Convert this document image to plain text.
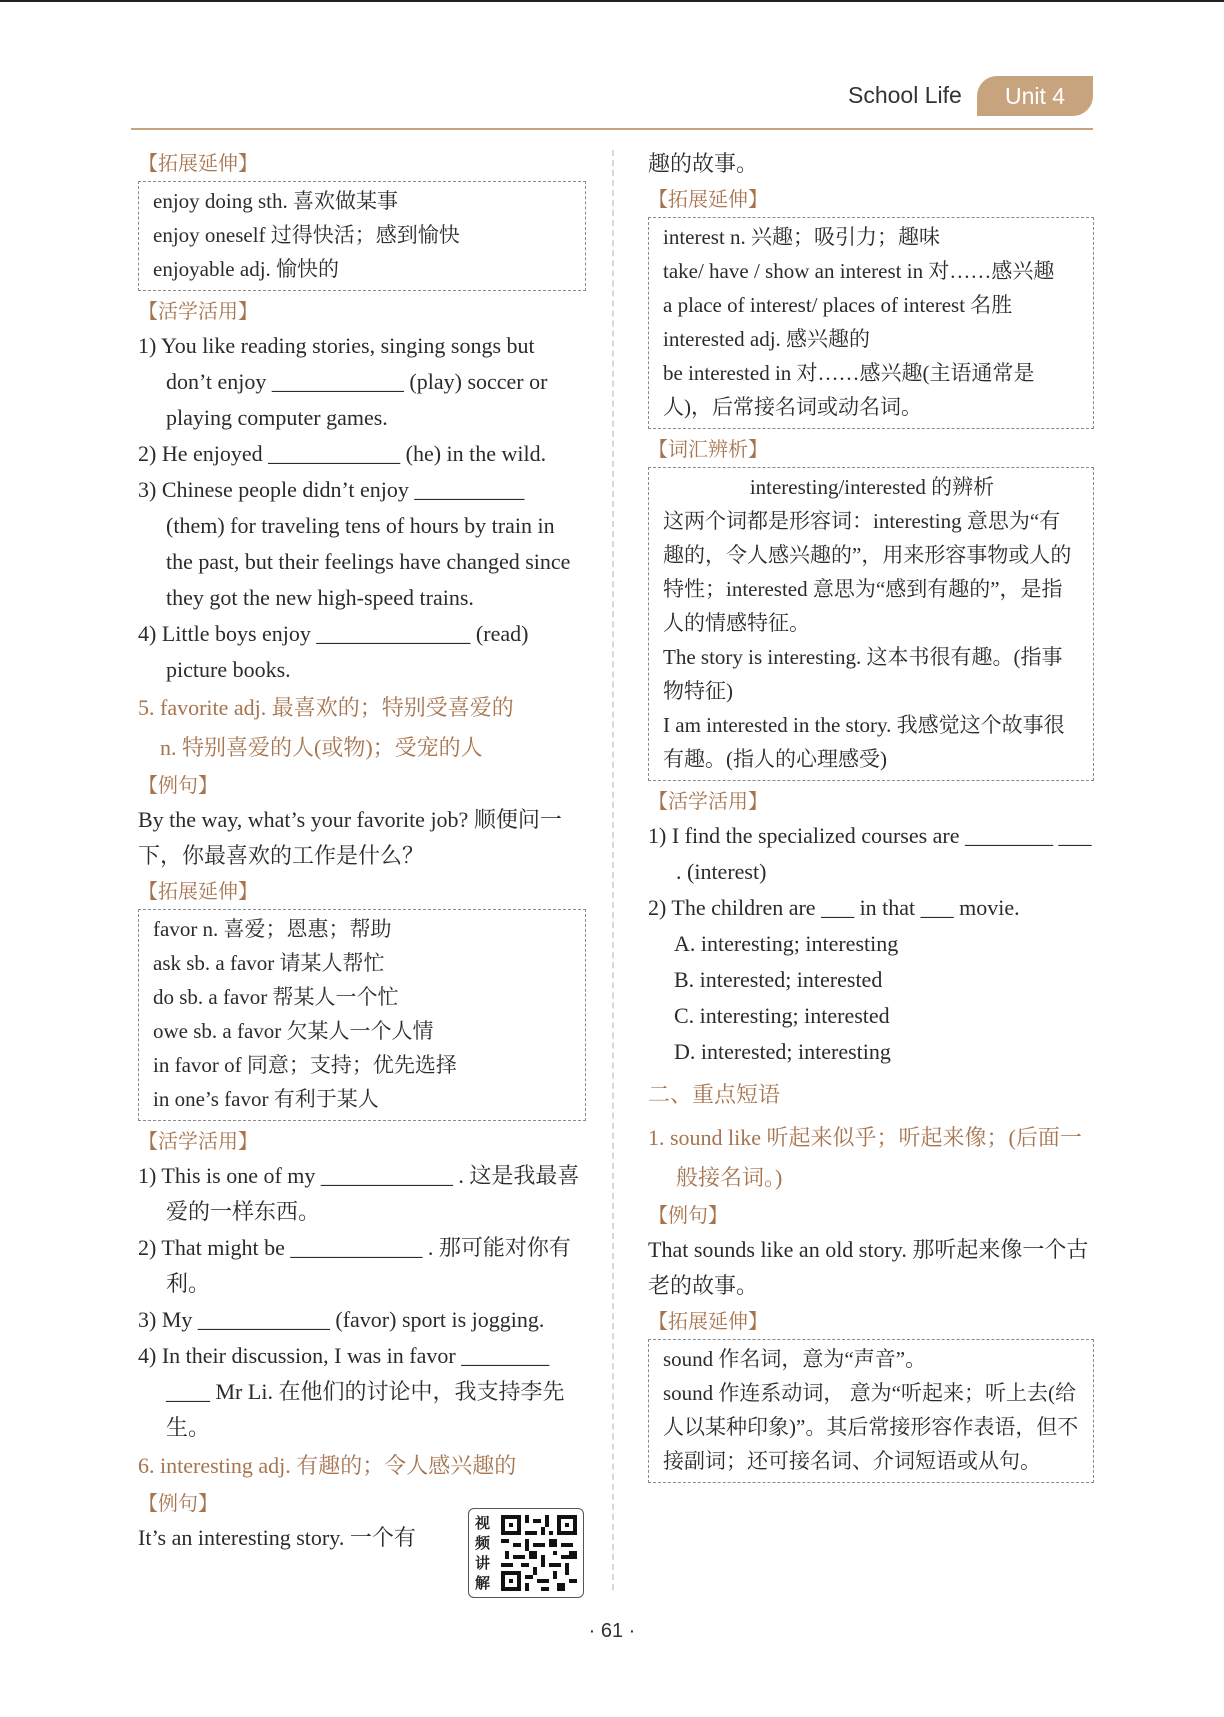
School Life	Unit 4
【拓展延伸】
enjoy doing sth. 喜欢做某事
enjoy oneself 过得快活；感到愉快
enjoyable adj. 愉快的
【活学活用】
1) You like reading stories, singing songs but don’t enjoy ____________ (play) soccer or playing computer games.
2) He enjoyed ____________ (he) in the wild.
3) Chinese people didn’t enjoy __________ (them) for traveling tens of hours by train in the past, but their feelings have changed since they got the new high-speed trains.
4) Little boys enjoy ______________ (read) picture books.
5. favorite adj. 最喜欢的；特别受喜爱的
n. 特别喜爱的人(或物)；受宠的人
【例句】
By the way, what’s your favorite job? 顺便问一下，你最喜欢的工作是什么？
【拓展延伸】
favor n. 喜爱；恩惠；帮助
ask sb. a favor 请某人帮忙
do sb. a favor 帮某人一个忙
owe sb. a favor 欠某人一个人情
in favor of 同意；支持；优先选择
in one’s favor 有利于某人
【活学活用】
1) This is one of my ____________ . 这是我最喜爱的一样东西。
2) That might be ____________ . 那可能对你有利。
3) My ____________ (favor) sport is jogging.
4) In their discussion, I was in favor ________ ____ Mr Li. 在他们的讨论中，我支持李先生。
6. interesting adj. 有趣的；令人感兴趣的
【例句】
It’s an interesting story. 一个有
视频讲解
趣的故事。
【拓展延伸】
interest n. 兴趣；吸引力；趣味
take/ have / show an interest in 对……感兴趣
a place of interest/ places of interest 名胜
interested adj. 感兴趣的
be interested in 对……感兴趣(主语通常是人)，后常接名词或动名词。
【词汇辨析】
interesting/interested 的辨析
这两个词都是形容词：interesting 意思为“有趣的，令人感兴趣的”，用来形容事物或人的特性；interested 意思为“感到有趣的”，是指人的情感特征。
The story is interesting. 这本书很有趣。(指事物特征)
I am interested in the story. 我感觉这个故事很有趣。(指人的心理感受)
【活学活用】
1) I find the specialized courses are ________ ___ . (interest)
2) The children are ___ in that ___ movie.
A. interesting; interesting
B. interested; interested
C. interesting; interested
D. interested; interesting
二、重点短语
1. sound like 听起来似乎；听起来像；(后面一般接名词。)
【例句】
That sounds like an old story. 那听起来像一个古老的故事。
【拓展延伸】
sound 作名词，意为“声音”。
sound 作连系动词， 意为“听起来；听上去(给人以某种印象)”。其后常接形容作表语，但不接副词；还可接名词、介词短语或从句。
· 61 ·
